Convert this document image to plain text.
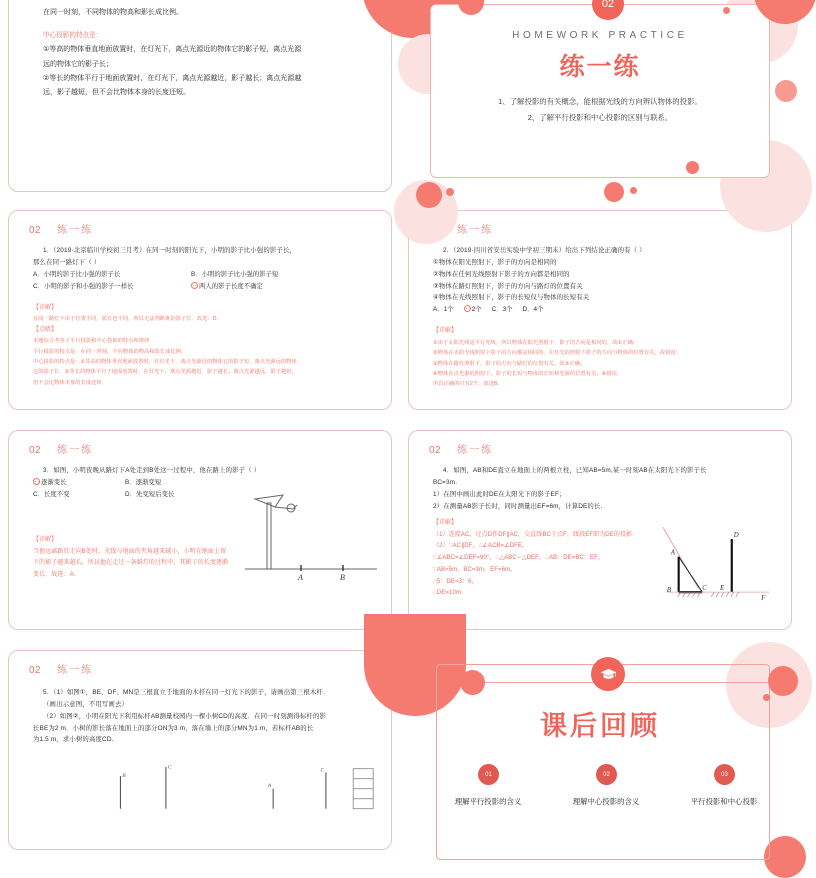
在同一时刻，不同物体的物高和影长成比例。
中心投影的特点是：
①等高的物体垂直地面放置时，在灯光下，离点光源近的物体它的影子短，离点光源
远的物体它的影子长；
②等长的物体平行于地面放置时，在灯光下，离点光源越近，影子越长；离点光源越
远，影子越短，但不会比物体本身的长度还短。
02
HOMEWORK PRACTICE
练一练
1、了解投影的有关概念，能根据光线的方向辨认物体的投影。
2、了解平行投影和中心投影的区别与联系。
02 练一练
1．（2019·北京临川学校初三月考）在同一时刻的阳光下，小明的影子比小强的影子长，
那么在同一路灯下（ ）
A．小明的影子比小强的影子长	B．小明的影子比小强的影子短
C．小明的影子和小强的影子一样长	两人的影子长度不确定
【详解】
在同一路灯下由于位置不同，影长也不同，所以无法判断谁的影子长．故选：D．
【点睛】
本题综合考查了平行投影和中心投影的特点和规律
平行投影的特点是：在同一时刻，不同物体的物高和影长成比例．
中心投影的特点是：①等高的物体垂直地面放置时，在灯光下，离点光源近的物体它的影子短，离点光源远的物体
它的影子长．②等长的物体平行于地面放置时，在灯光下，离点光源越近，影子越长；离点光源越远，影子越短，
但不会比物体本身的长度还短．
练一练
2．（2019·四川省安岳实验中学初三期末）给出下列结论正确的有（ ）
①物体在阳光照射下，影子的方向是相同的
②物体在任何光线照射下影子的方向都是相同的
③物体在路灯照射下，影子的方向与路灯的位置有关
④物体在光线照射下，影子的长短仅与物体的长短有关
A．1个	2个 C．3个 D．4个
【详解】
①由于太阳光线是平行光线，所以物体在阳光照射下，影子的方向是相同的，故①正确；
②物体在太阳光线照射下影子的方向都是相同的，在灯光的照射下影子的方向与物体的位置有关，故错误；
③物体在路灯照射下，影子的方向与路灯的位置有关，故③正确；
④物体在点光源的照射下，影子的长短与物体的长短和光源的位置有关，④错误．
所以正确的只有2个．故选B．
02 练一练
3．如图，小明夜晚从路灯下A处走到B处这一过程中，他在路上的影子（ ）
逐渐变长	B．逐渐变短
C．长度不变	D．先变短后变长
【详解】
当他远离路灯走向B处时，光线与地面的夹角越来越小，小明在地面上留
下的影子越来越长，所以他在走过一条路灯的过程中，其影子的长度逐渐
变长．故选：A．	A	B
02 练一练
4．如图，AB和DE直立在地面上的两根立柱，已知AB=5m,某一时刻AB在太阳光下的影子长
BC=3m.
1）在图中画出此时DE在太阳光下的影子EF；
2）在测量AB影子长时，同时测量出EF=6m，计算DE的长.
【详解】
（1）连接AC，过点D作DF∥AC，交直线BC于点F，线段EF即为DE的投影．
（2）∵AC∥DF，∴∠ACB=∠DFE，
∵∠ABC=∠DEF=90°，∴△ABC∽△DEF，∴AB：DE=BC：EF，
∵AB=5m，BC=3m，EF=6m，
∴5：DE=3：6，
∴DE=10m.
A
B	C
D
E
F
02 练一练
5．（1）如图①，BE、DF、MN是三根直立于地面的木杆在同一灯光下的影子，请画出第三根木杆．
（画出示意图，不用写画去）
（2）如图②，小明在阳光下利用标杆AB测量校园内一棵小树CD的高度．在同一时刻测得标杆的影
长BE为2 m．小树的影长落在地面上的部分ON为3 m，落在墙上的部分MN为1 m，若标杆AB的长
为1.5 m，求小树的高度CD.
B
C
A
C
课后回顾
01	02	03
理解平行投影的含义	理解中心投影的含义	平行投影和中心投影
